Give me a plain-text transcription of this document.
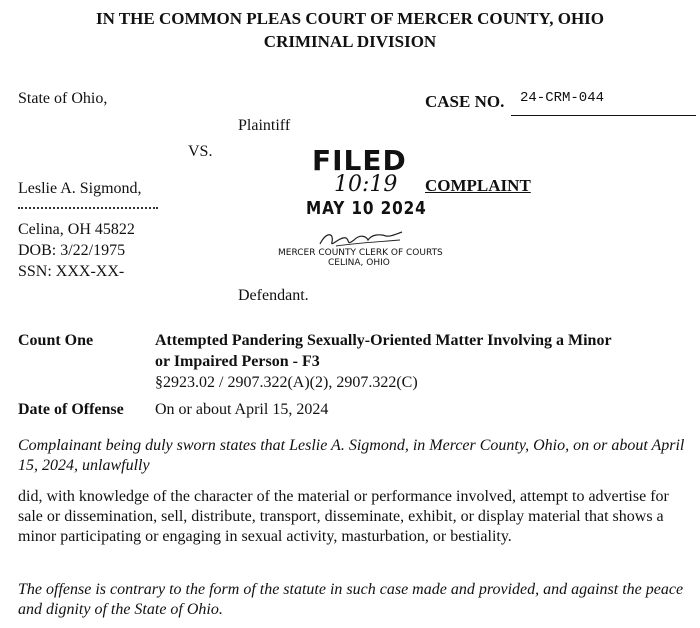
IN THE COMMON PLEAS COURT OF MERCER COUNTY, OHIO
CRIMINAL DIVISION
State of Ohio,
Plaintiff
VS.
CASE NO. 24-CRM-044
FILED
10:19
MAY 10 2024
MERCER COUNTY CLERK OF COURTS
CELINA, OHIO
COMPLAINT
Leslie A. Sigmond,
Celina, OH 45822
DOB: 3/22/1975
SSN: XXX-XX-
Defendant.
Count One	Attempted Pandering Sexually-Oriented Matter Involving a Minor
or Impaired Person - F3
§2923.02 / 2907.322(A)(2), 2907.322(C)
Date of Offense On or about April 15, 2024
Complainant being duly sworn states that Leslie A. Sigmond, in Mercer County, Ohio, on or about April 15, 2024, unlawfully
did, with knowledge of the character of the material or performance involved, attempt to advertise for sale or dissemination, sell, distribute, transport, disseminate, exhibit, or display material that shows a minor participating or engaging in sexual activity, masturbation, or bestiality.
The offense is contrary to the form of the statute in such case made and provided, and against the peace and dignity of the State of Ohio.
